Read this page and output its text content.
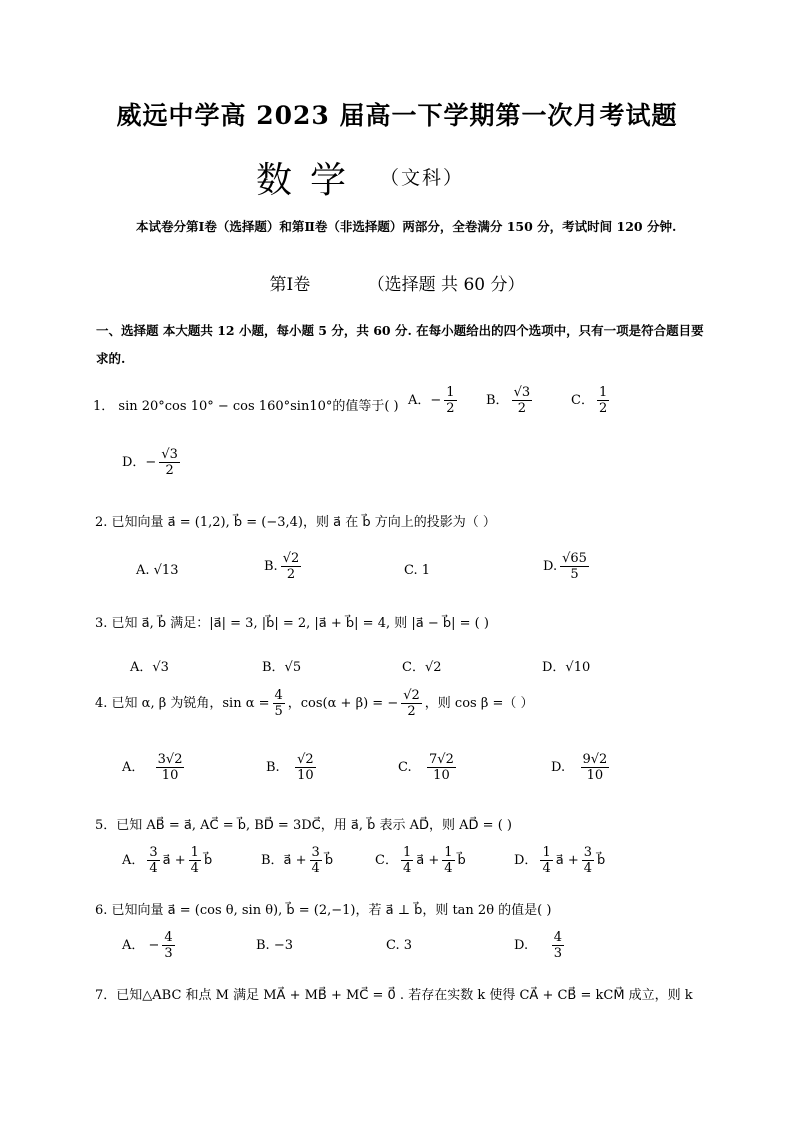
威远中学高 2023 届高一下学期第一次月考试题
数学 （文科）
本试卷分第Ⅰ卷（选择题）和第Ⅱ卷（非选择题）两部分，全卷满分 150 分，考试时间 120 分钟.
第Ⅰ卷	（选择题 共 60 分）
一、选择题 本大题共 12 小题，每小题 5 分，共 60 分. 在每小题给出的四个选项中，只有一项是符合题目要求的.
1． sin 20°cos 10° − cos 160°sin10°的值等于( ) A．− $\frac{1}{2}$ B． $\frac{√3}{2}$	C． $\frac{1}{2}$
D．− $\frac{√3}{2}$
2. 已知向量 a⃗ = (1,2), b⃗ = (−3,4)，则 a⃗ 在 b⃗ 方向上的投影为（ ）
A. √13	B. $\frac{√2}{2}$	C. 1	D. $\frac{√65}{5}$
3. 已知 a⃗, b⃗ 满足：|a⃗| = 3, |b⃗| = 2, |a⃗ + b⃗| = 4, 则 |a⃗ − b⃗| = ( )
A．√3	B．√5	C．√2	D．√10
4. 已知 α, β 为锐角，$\sin \alpha = \frac{4}{5}$ ，cos(α + β) = − $\frac{√2}{2}$ ，则 cos β =（ ）
A． $\frac{3√2}{10}$	B. $\frac{√2}{10}$	C. $\frac{7√2}{10}$	D. $\frac{9√2}{10}$
5．已知 AB⃗ = a⃗, AC⃗ = b⃗, BD⃗ = 3DC⃗，用 a⃗, b⃗ 表示 AD⃗，则 AD⃗ = ( )
A． $\frac{3}{4}$ a⃗ + $\frac{1}{4}$ b⃗	B．a⃗ + $\frac{3}{4}$ b⃗	C． $\frac{1}{4}$ a⃗ + $\frac{1}{4}$ b⃗	D． $\frac{1}{4}$ a⃗ + $\frac{3}{4}$ b⃗
6. 已知向量 a⃗ = (cos θ, sin θ), b⃗ = (2,−1)，若 a⃗ ⊥ b⃗，则 tan 2θ 的值是( )
A． − $\frac{4}{3}$	B. −3	C. 3	D. $\frac{4}{3}$
7．已知△ABC 和点 M 满足 MA⃗ + MB⃗ + MC⃗ = 0⃗ . 若存在实数 k 使得 CA⃗ + CB⃗ = kCM⃗ 成立，则 k
